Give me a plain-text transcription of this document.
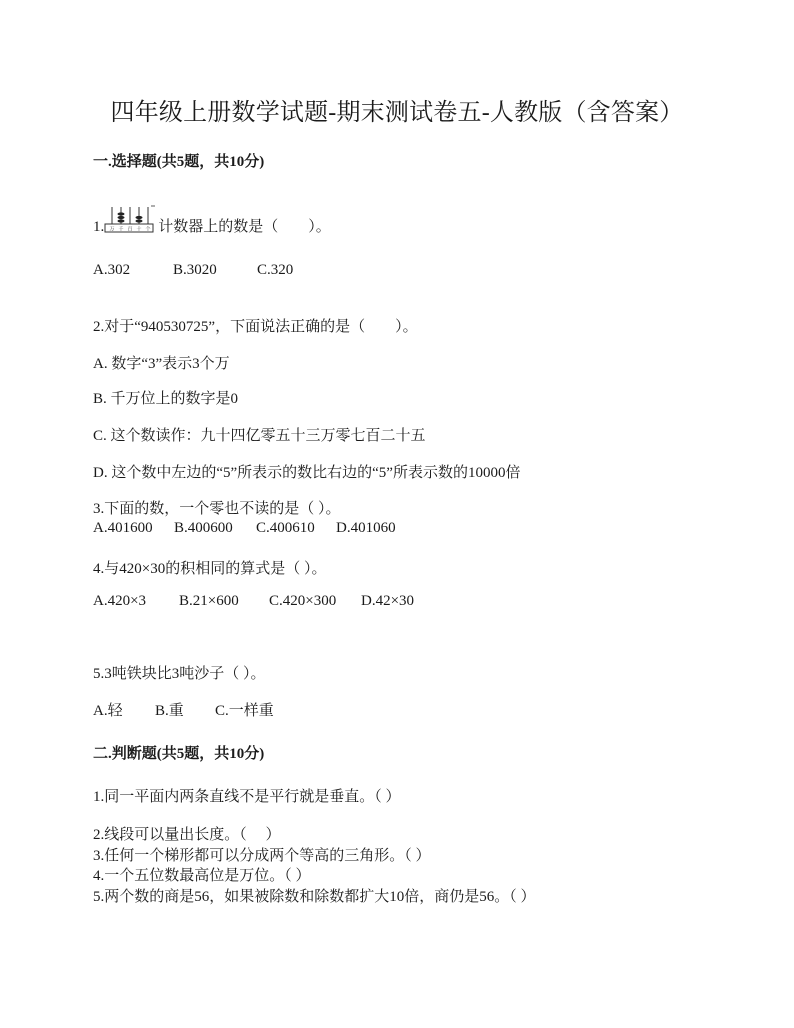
四年级上册数学试题-期末测试卷五-人教版（含答案）
一.选择题(共5题，共10分)
1. 万 千 百 十 个 计数器上的数是（　　）。
A.302	B.3020	C.320
2.对于“940530725”，下面说法正确的是（　　）。
A. 数字“3”表示3个万
B. 千万位上的数字是0
C. 这个数读作：九十四亿零五十三万零七百二十五
D. 这个数中左边的“5”所表示的数比右边的“5”所表示数的10000倍
3.下面的数，一个零也不读的是（ ）。
A.401600 B.400600 C.400610 D.401060
4.与420×30的积相同的算式是（ ）。
A.420×3 B.21×600 C.420×300 D.42×30
5.3吨铁块比3吨沙子（ ）。
A.轻 B.重 C.一样重
二.判断题(共5题，共10分)
1.同一平面内两条直线不是平行就是垂直。（ ）
2.线段可以量出长度。（　 ）
3.任何一个梯形都可以分成两个等高的三角形。（ ）
4.一个五位数最高位是万位。（ ）
5.两个数的商是56，如果被除数和除数都扩大10倍，商仍是56。（ ）
